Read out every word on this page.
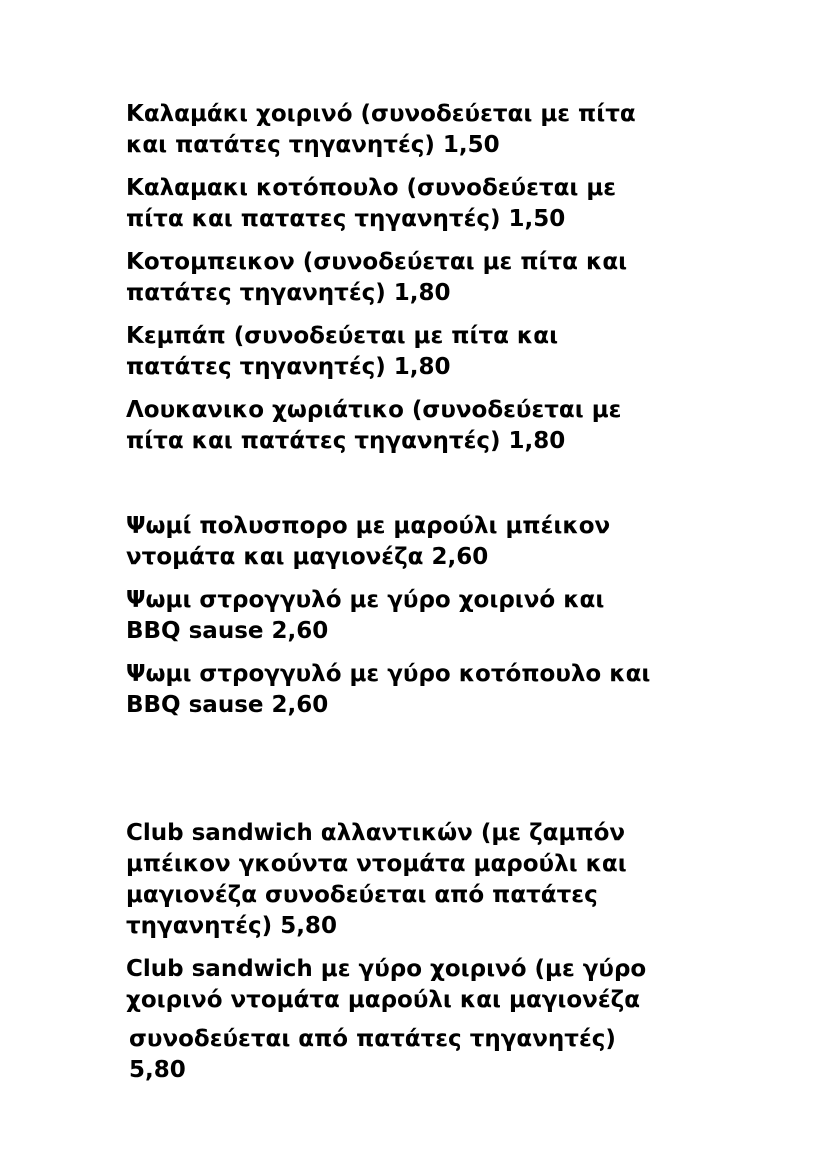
Καλαμάκι χοιρινό (συνοδεύεται με πίτα
και πατάτες τηγανητές) 1,50

Καλαμακι κοτόπουλο (συνοδεύεται με
πίτα και πατατες τηγανητές) 1,50

Κοτομπεικον (συνοδεύεται με πίτα και
πατάτες τηγανητές) 1,80

Κεμπάπ (συνοδεύεται με πίτα και
πατάτες τηγανητές) 1,80

Λουκανικο χωριάτικο (συνοδεύεται με
πίτα και πατάτες τηγανητές) 1,80

Ψωμί πολυσπορο με μαρούλι μπέικον
ντομάτα και μαγιονέζα 2,60

Ψωμι στρογγυλό με γύρο χοιρινό και
BBQ sause 2,60

Ψωμι στρογγυλό με γύρο κοτόπουλο και
BBQ sause 2,60

Club sandwich αλλαντικών (με ζαμπόν
μπέικον γκούντα ντομάτα μαρούλι και
μαγιονέζα συνοδεύεται από πατάτες
τηγανητές) 5,80

Club sandwich με γύρο χοιρινό (με γύρο
χοιρινό ντομάτα μαρούλι και μαγιονέζα

συνοδεύεται από πατάτες τηγανητές)
5,80
